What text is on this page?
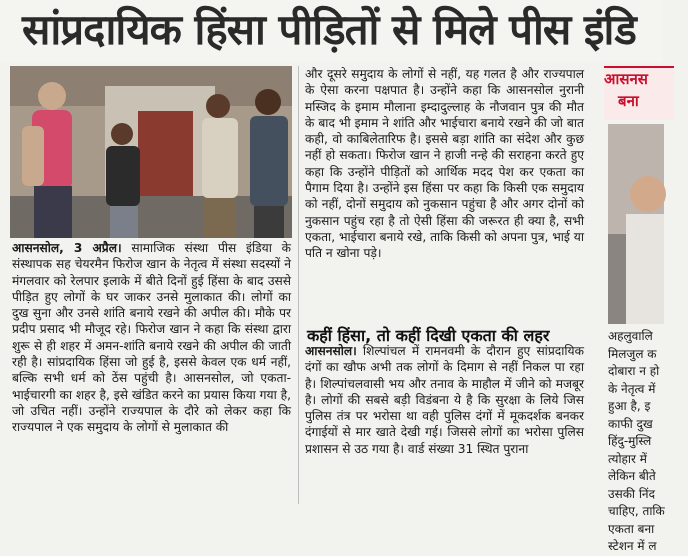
सांप्रदायिक हिंसा पीड़ितों से मिले पीस इंडि

आसनसोल, 3 अप्रैल। सामाजिक संस्था पीस इंडिया के संस्थापक सह चेयरमैन फिरोज खान के नेतृत्व में संस्था सदस्यों ने मंगलवार को रेलपार इलाके में बीते दिनों हुई हिंसा के बाद उससे पीड़ित हुए लोगों के घर जाकर उनसे मुलाकात की। लोगों का दुख सुना और उनसे शांति बनाये रखने की अपील की। मौके पर प्रदीप प्रसाद भी मौजूद रहे। फिरोज खान ने कहा कि संस्था द्वारा शुरू से ही शहर में अमन-शांति बनाये रखने की अपील की जाती रही है। सांप्रदायिक हिंसा जो हुई है, इससे केवल एक धर्म नहीं, बल्कि सभी धर्म को ठेंस पहुंची है। आसनसोल, जो एकता-भाईचारगी का शहर है, इसे खंडित करने का प्रयास किया गया है, जो उचित नहीं। उन्होंने राज्यपाल के दौरे को लेकर कहा कि राज्यपाल ने एक समुदाय के लोगों से मुलाकात की

और दूसरे समुदाय के लोगों से नहीं, यह गलत है और राज्यपाल के ऐसा करना पक्षपात है। उन्होंने कहा कि आसनसोल नुरानी मस्जिद के इमाम मौलाना इम्दादुल्लाह के नौजवान पुत्र की मौत के बाद भी इमाम ने शांति और भाईचारा बनाये रखने की जो बात कही, वो काबिलेतारिफ है। इससे बड़ा शांति का संदेश और कुछ नहीं हो सकता। फिरोज खान ने हाजी नन्हे की सराहना करते हुए कहा कि उन्होंने पीड़ितों को आर्थिक मदद पेश कर एकता का पैगाम दिया है। उन्होंने इस हिंसा पर कहा कि किसी एक समुदाय को नहीं, दोनों समुदाय को नुकसान पहुंचा है और अगर दोनों को नुकसान पहुंच रहा है तो ऐसी हिंसा की जरूरत ही क्या है, सभी एकता, भाईचारा बनाये रखे, ताकि किसी को अपना पुत्र, भाई या पति न खोना पड़े।

कहीं हिंसा, तो कहीं दिखी एकता की लहर

आसनसोल। शिल्पांचल में रामनवमी के दौरान हुए सांप्रदायिक दंगों का खौफ अभी तक लोगों के दिमाग से नहीं निकल पा रहा है। शिल्पांचलवासी भय और तनाव के माहौल में जीने को मजबूर है। लोगों की सबसे बड़ी विडंबना ये है कि सुरक्षा के लिये जिस पुलिस तंत्र पर भरोसा था वही पुलिस दंगों में मूकदर्शक बनकर दंगाईयों से मार खाते देखी गई। जिससे लोगों का भरोसा पुलिस प्रशासन से उठ गया है। वार्ड संख्या 31 स्थित पुराना

आसनस
बना
अहलुवालि
मिलजुल क
दोबारा न हो
के नेतृत्व में
हुआ है, इ
काफी दुख
हिंदु-मुस्लि
त्योहार में
लेकिन बीते
उसकी निंद
चाहिए, ताकि
एकता बना
स्टेशन में ल
